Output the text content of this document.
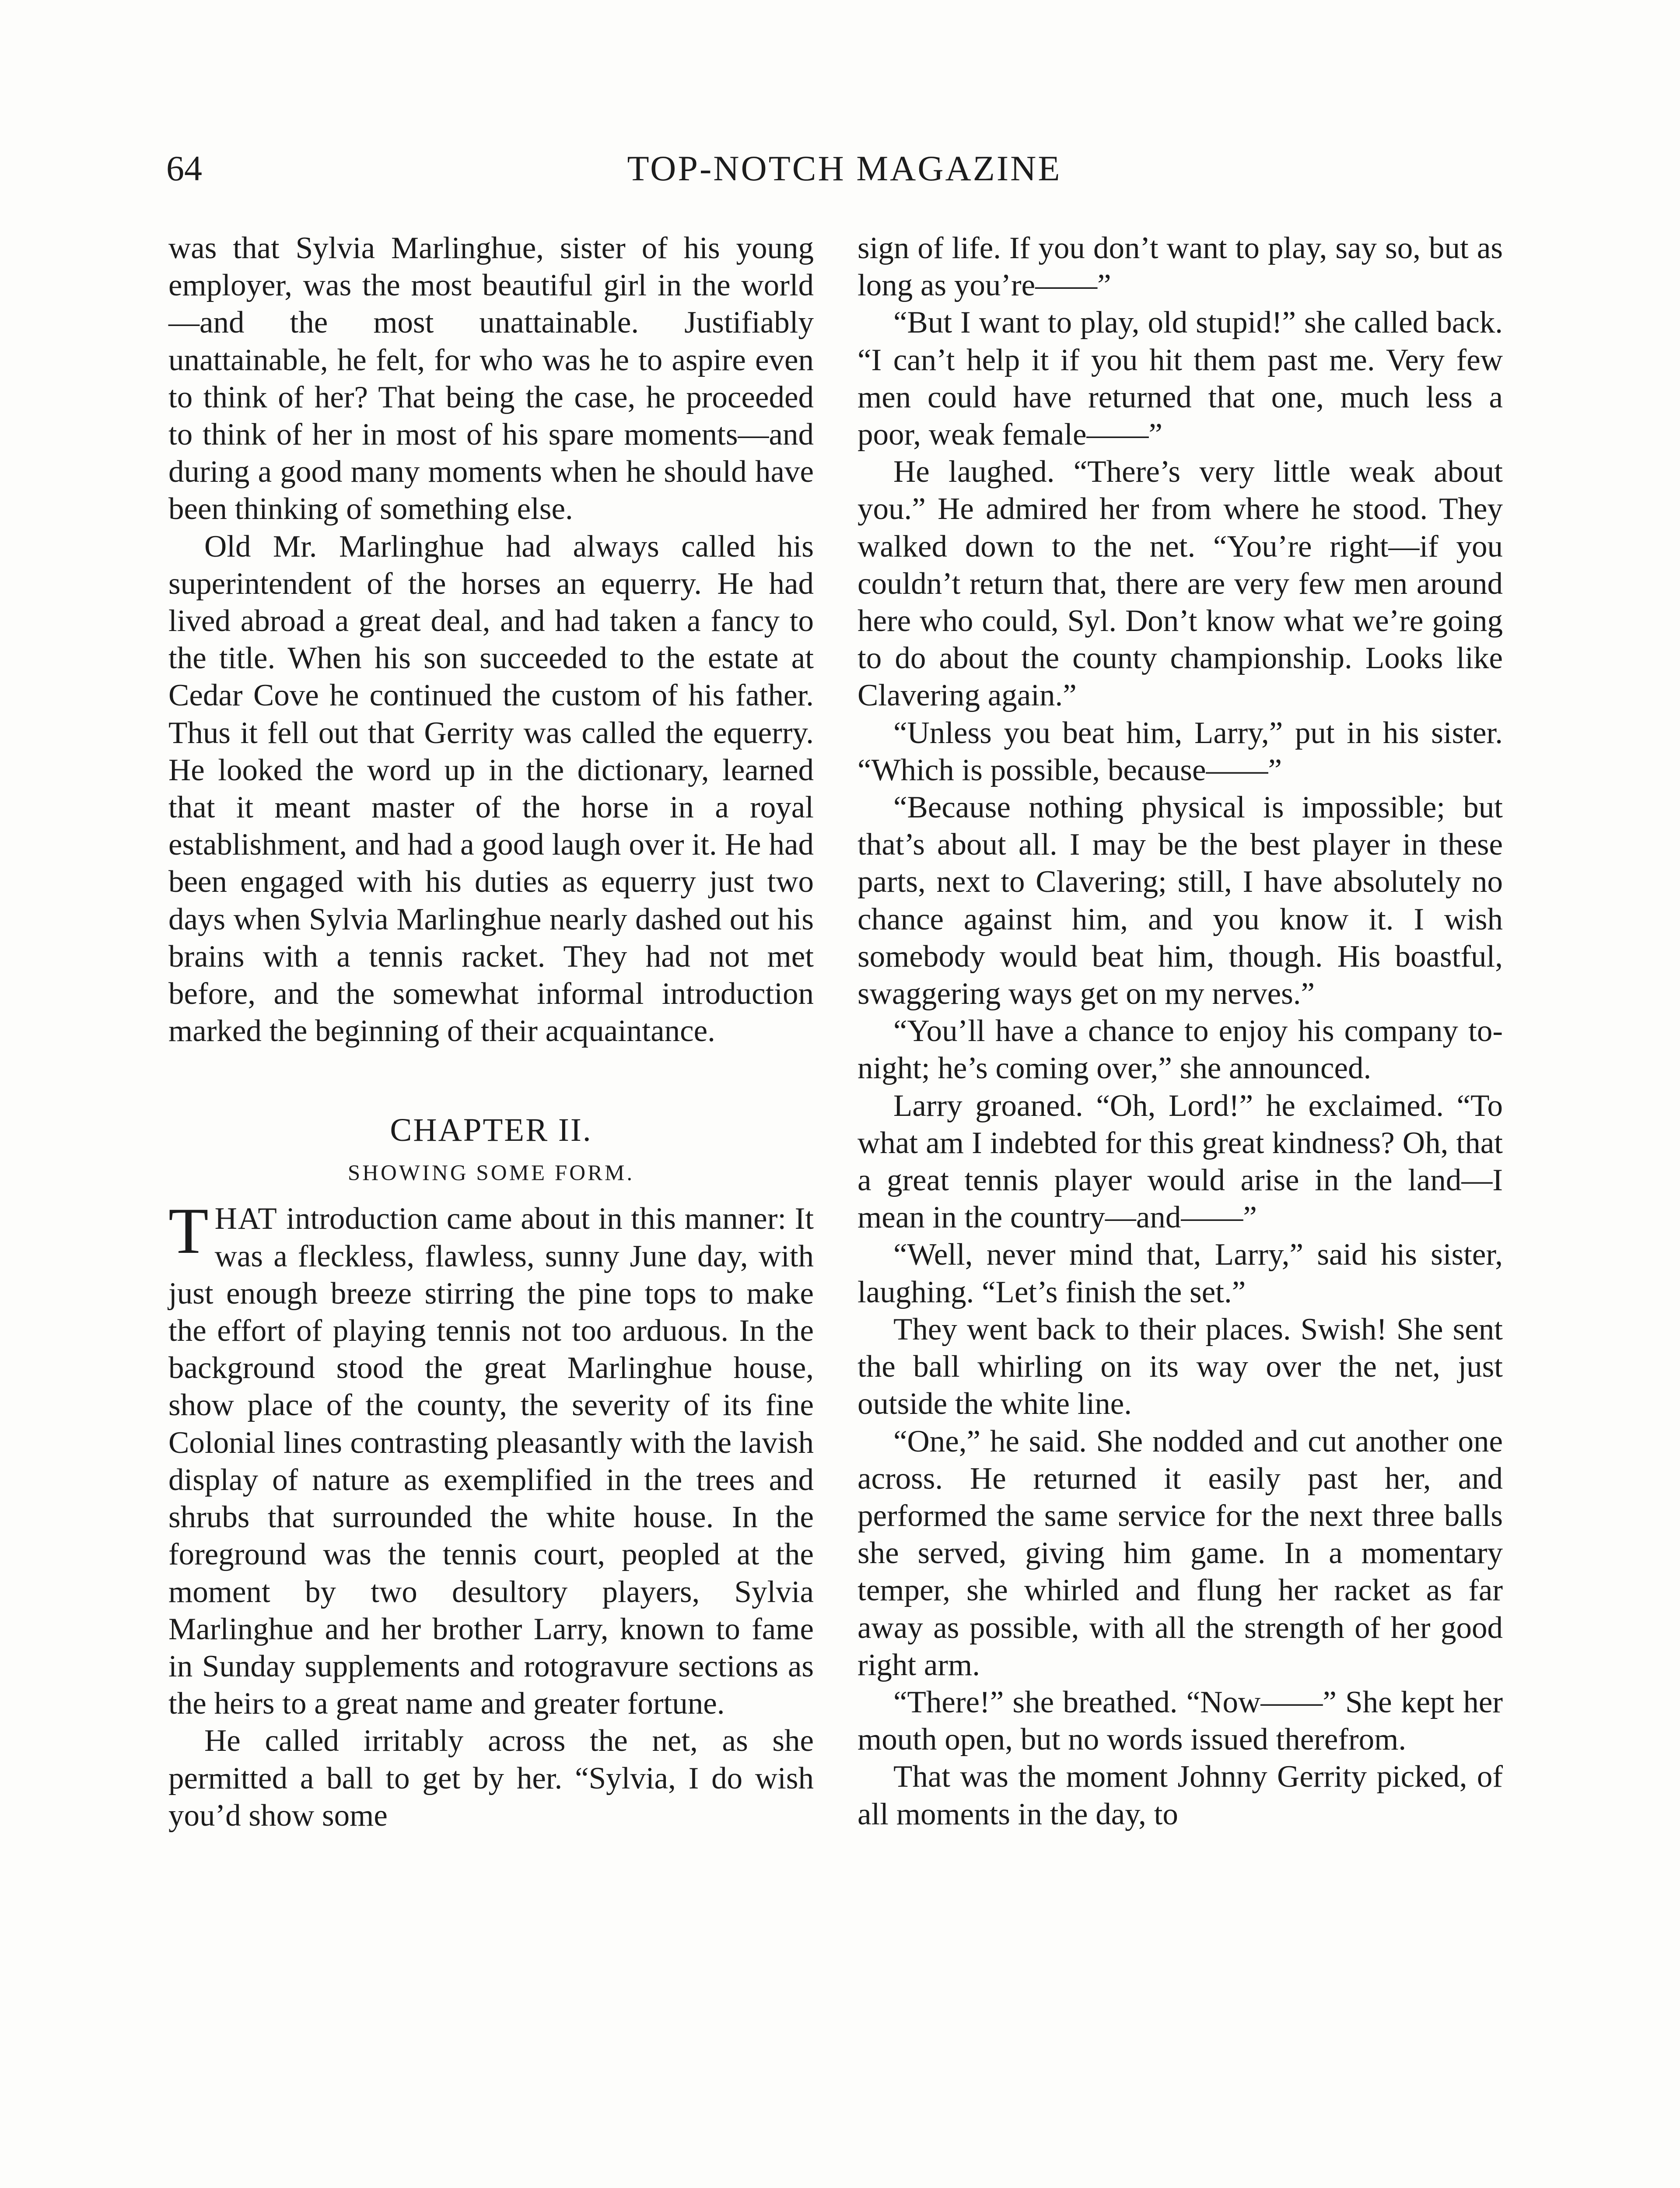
64	TOP-NOTCH MAGAZINE

was that Sylvia Marlinghue, sister of his young employer, was the most beautiful girl in the world—and the most unattainable. Justifiably unattainable, he felt, for who was he to aspire even to think of her? That being the case, he proceeded to think of her in most of his spare moments—and during a good many moments when he should have been thinking of something else.

Old Mr. Marlinghue had always called his superintendent of the horses an equerry. He had lived abroad a great deal, and had taken a fancy to the title. When his son succeeded to the estate at Cedar Cove he continued the custom of his father. Thus it fell out that Gerrity was called the equerry. He looked the word up in the dictionary, learned that it meant master of the horse in a royal establishment, and had a good laugh over it. He had been engaged with his duties as equerry just two days when Sylvia Marlinghue nearly dashed out his brains with a tennis racket. They had not met before, and the somewhat informal introduction marked the beginning of their acquaintance.

CHAPTER II.
SHOWING SOME FORM.

THAT introduction came about in this manner: It was a fleckless, flawless, sunny June day, with just enough breeze stirring the pine tops to make the effort of playing tennis not too arduous. In the background stood the great Marlinghue house, show place of the county, the severity of its fine Colonial lines contrasting pleasantly with the lavish display of nature as exemplified in the trees and shrubs that surrounded the white house. In the foreground was the tennis court, peopled at the moment by two desultory players, Sylvia Marlinghue and her brother Larry, known to fame in Sunday supplements and rotogravure sections as the heirs to a great name and greater fortune.

He called irritably across the net, as she permitted a ball to get by her. “Sylvia, I do wish you’d show some

sign of life. If you don’t want to play, say so, but as long as you’re——”

“But I want to play, old stupid!” she called back. “I can’t help it if you hit them past me. Very few men could have returned that one, much less a poor, weak female——”

He laughed. “There’s very little weak about you.” He admired her from where he stood. They walked down to the net. “You’re right—if you couldn’t return that, there are very few men around here who could, Syl. Don’t know what we’re going to do about the county championship. Looks like Clavering again.”

“Unless you beat him, Larry,” put in his sister. “Which is possible, because——”

“Because nothing physical is impossible; but that’s about all. I may be the best player in these parts, next to Clavering; still, I have absolutely no chance against him, and you know it. I wish somebody would beat him, though. His boastful, swaggering ways get on my nerves.”

“You’ll have a chance to enjoy his company to-night; he’s coming over,” she announced.

Larry groaned. “Oh, Lord!” he exclaimed. “To what am I indebted for this great kindness? Oh, that a great tennis player would arise in the land—I mean in the country—and——”

“Well, never mind that, Larry,” said his sister, laughing. “Let’s finish the set.”

They went back to their places. Swish! She sent the ball whirling on its way over the net, just outside the white line.

“One,” he said. She nodded and cut another one across. He returned it easily past her, and performed the same service for the next three balls she served, giving him game. In a momentary temper, she whirled and flung her racket as far away as possible, with all the strength of her good right arm.

“There!” she breathed. “Now——” She kept her mouth open, but no words issued therefrom.

That was the moment Johnny Gerrity picked, of all moments in the day, to
